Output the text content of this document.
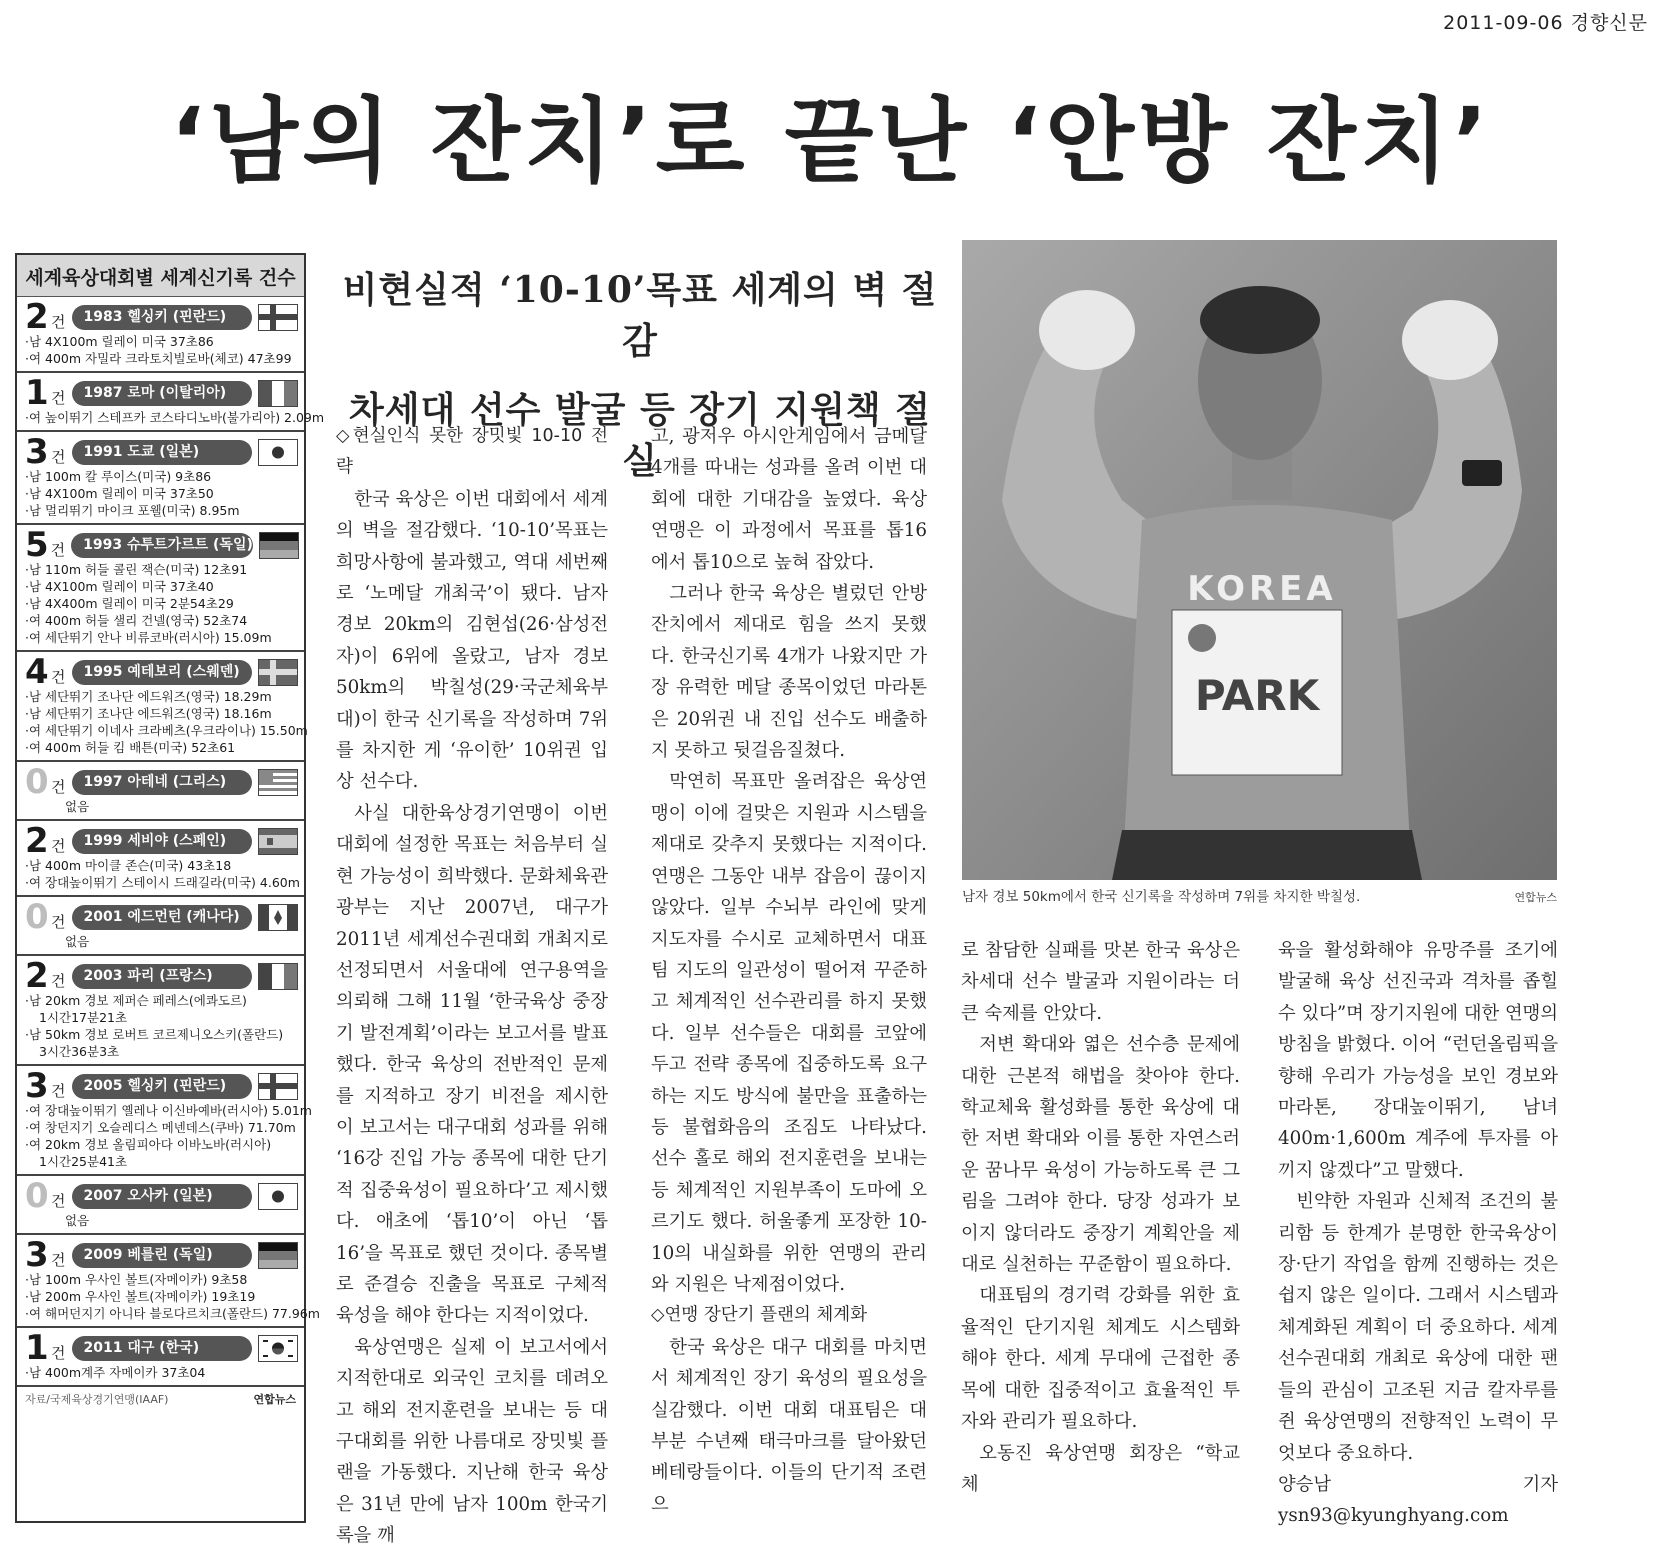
2011-09-06 경향신문
‘남의 잔치’로 끝난 ‘안방 잔치’
세계육상대회별 세계신기록 건수
2 건	1983 헬싱키 (핀란드)
·남 4X100m 릴레이 미국 37초86
·여 400m 자밀라 크라토치빌로바(체코) 47초99
1 건	1987 로마 (이탈리아)
·여 높이뛰기 스테프카 코스타디노바(불가리아) 2.09m
3 건	1991 도쿄 (일본)
·남 100m 칼 루이스(미국) 9초86
·남 4X100m 릴레이 미국 37초50
·남 멀리뛰기 마이크 포웰(미국) 8.95m
5 건	1993 슈투트가르트 (독일)
·남 110m 허들 콜린 잭슨(미국) 12초91
·남 4X100m 릴레이 미국 37초40
·남 4X400m 릴레이 미국 2분54초29
·여 400m 허들 샐리 건넬(영국) 52초74
·여 세단뛰기 안나 비류코바(러시아) 15.09m
4 건	1995 예테보리 (스웨덴)
·남 세단뛰기 조나단 에드워즈(영국) 18.29m
·남 세단뛰기 조나단 에드워즈(영국) 18.16m
·여 세단뛰기 이네사 크라베츠(우크라이나) 15.50m
·여 400m 허들 킴 배튼(미국) 52초61
0 건	1997 아테네 (그리스)
없음
2 건	1999 세비야 (스페인)
·남 400m 마이클 존슨(미국) 43초18
·여 장대높이뛰기 스테이시 드래길라(미국) 4.60m
0 건	2001 에드먼턴 (캐나다)
없음
2 건	2003 파리 (프랑스)
·남 20km 경보 제퍼슨 페레스(에콰도르)
1시간17분21초
·남 50km 경보 로버트 코르제니오스키(폴란드)
3시간36분3초
3 건	2005 헬싱키 (핀란드)
·여 장대높이뛰기 옐레나 이신바예바(러시아) 5.01m
·여 창던지기 오슬레디스 메넨데스(쿠바) 71.70m
·여 20km 경보 올림피아다 이바노바(러시아)
1시간25분41초
0 건	2007 오사카 (일본)
없음
3 건	2009 베를린 (독일)
·남 100m 우사인 볼트(자메이카) 9초58
·남 200m 우사인 볼트(자메이카) 19초19
·여 해머던지기 아니타 블로다르치크(폴란드) 77.96m
1 건	2011 대구 (한국)
·남 400m계주 자메이카 37초04
자료/국제육상경기연맹(IAAF)	연합뉴스
비현실적 ‘10-10’목표 세계의 벽 절감
차세대 선수 발굴 등 장기 지원책 절실

◇현실인식 못한 장밋빛 10-10 전략

한국 육상은 이번 대회에서 세계의 벽을 절감했다. ‘10-10’목표는 희망사항에 불과했고, 역대 세번째로 ‘노메달 개최국’이 됐다. 남자 경보 20km의 김현섭(26·삼성전자)이 6위에 올랐고, 남자 경보 50km의 박칠성(29·국군체육부대)이 한국 신기록을 작성하며 7위를 차지한 게 ‘유이한’ 10위권 입상 선수다.

사실 대한육상경기연맹이 이번 대회에 설정한 목표는 처음부터 실현 가능성이 희박했다. 문화체육관광부는 지난 2007년, 대구가 2011년 세계선수권대회 개최지로 선정되면서 서울대에 연구용역을 의뢰해 그해 11월 ‘한국육상 중장기 발전계획’이라는 보고서를 발표했다. 한국 육상의 전반적인 문제를 지적하고 장기 비전을 제시한 이 보고서는 대구대회 성과를 위해 ‘16강 진입 가능 종목에 대한 단기적 집중육성이 필요하다’고 제시했다. 애초에 ‘톱10’이 아닌 ‘톱16’을 목표로 했던 것이다. 종목별로 준결승 진출을 목표로 구체적 육성을 해야 한다는 지적이었다.

육상연맹은 실제 이 보고서에서 지적한대로 외국인 코치를 데려오고 해외 전지훈련을 보내는 등 대구대회를 위한 나름대로 장밋빛 플랜을 가동했다. 지난해 한국 육상은 31년 만에 남자 100m 한국기록을 깨

고, 광저우 아시안게임에서 금메달 4개를 따내는 성과를 올려 이번 대회에 대한 기대감을 높였다. 육상연맹은 이 과정에서 목표를 톱16에서 톱10으로 높혀 잡았다.

그러나 한국 육상은 별렀던 안방 잔치에서 제대로 힘을 쓰지 못했다. 한국신기록 4개가 나왔지만 가장 유력한 메달 종목이었던 마라톤은 20위권 내 진입 선수도 배출하지 못하고 뒷걸음질쳤다.

막연히 목표만 올려잡은 육상연맹이 이에 걸맞은 지원과 시스템을 제대로 갖추지 못했다는 지적이다. 연맹은 그동안 내부 잡음이 끊이지 않았다. 일부 수뇌부 라인에 맞게 지도자를 수시로 교체하면서 대표팀 지도의 일관성이 떨어져 꾸준하고 체계적인 선수관리를 하지 못했다. 일부 선수들은 대회를 코앞에 두고 전략 종목에 집중하도록 요구하는 지도 방식에 불만을 표출하는 등 불협화음의 조짐도 나타났다. 선수 홀로 해외 전지훈련을 보내는 등 체계적인 지원부족이 도마에 오르기도 했다. 허울좋게 포장한 10-10의 내실화를 위한 연맹의 관리와 지원은 낙제점이었다.

◇연맹 장단기 플랜의 체계화

한국 육상은 대구 대회를 마치면서 체계적인 장기 육성의 필요성을 실감했다. 이번 대회 대표팀은 대부분 수년째 태극마크를 달아왔던 베테랑들이다. 이들의 단기적 조련으

로 참담한 실패를 맛본 한국 육상은 차세대 선수 발굴과 지원이라는 더 큰 숙제를 안았다.

저변 확대와 엷은 선수층 문제에 대한 근본적 해법을 찾아야 한다. 학교체육 활성화를 통한 육상에 대한 저변 확대와 이를 통한 자연스러운 꿈나무 육성이 가능하도록 큰 그림을 그려야 한다. 당장 성과가 보이지 않더라도 중장기 계획안을 제대로 실천하는 꾸준함이 필요하다.

대표팀의 경기력 강화를 위한 효율적인 단기지원 체계도 시스템화해야 한다. 세계 무대에 근접한 종목에 대한 집중적이고 효율적인 투자와 관리가 필요하다.

오동진 육상연맹 회장은 “학교 체

육을 활성화해야 유망주를 조기에 발굴해 육상 선진국과 격차를 좁힐 수 있다”며 장기지원에 대한 연맹의 방침을 밝혔다. 이어 “런던올림픽을 향해 우리가 가능성을 보인 경보와 마라톤, 장대높이뛰기, 남녀 400m·1,600m 계주에 투자를 아끼지 않겠다”고 말했다.

빈약한 자원과 신체적 조건의 불리함 등 한계가 분명한 한국육상이 장·단기 작업을 함께 진행하는 것은 쉽지 않은 일이다. 그래서 시스템과 체계화된 계획이 더 중요하다. 세계선수권대회 개최로 육상에 대한 팬들의 관심이 고조된 지금 칼자루를 쥔 육상연맹의 전향적인 노력이 무엇보다 중요하다.

양승남 기자 ysn93@kyunghyang.com

PARK
KOREA
남자 경보 50km에서 한국 신기록을 작성하며 7위를 차지한 박칠성.	연합뉴스
